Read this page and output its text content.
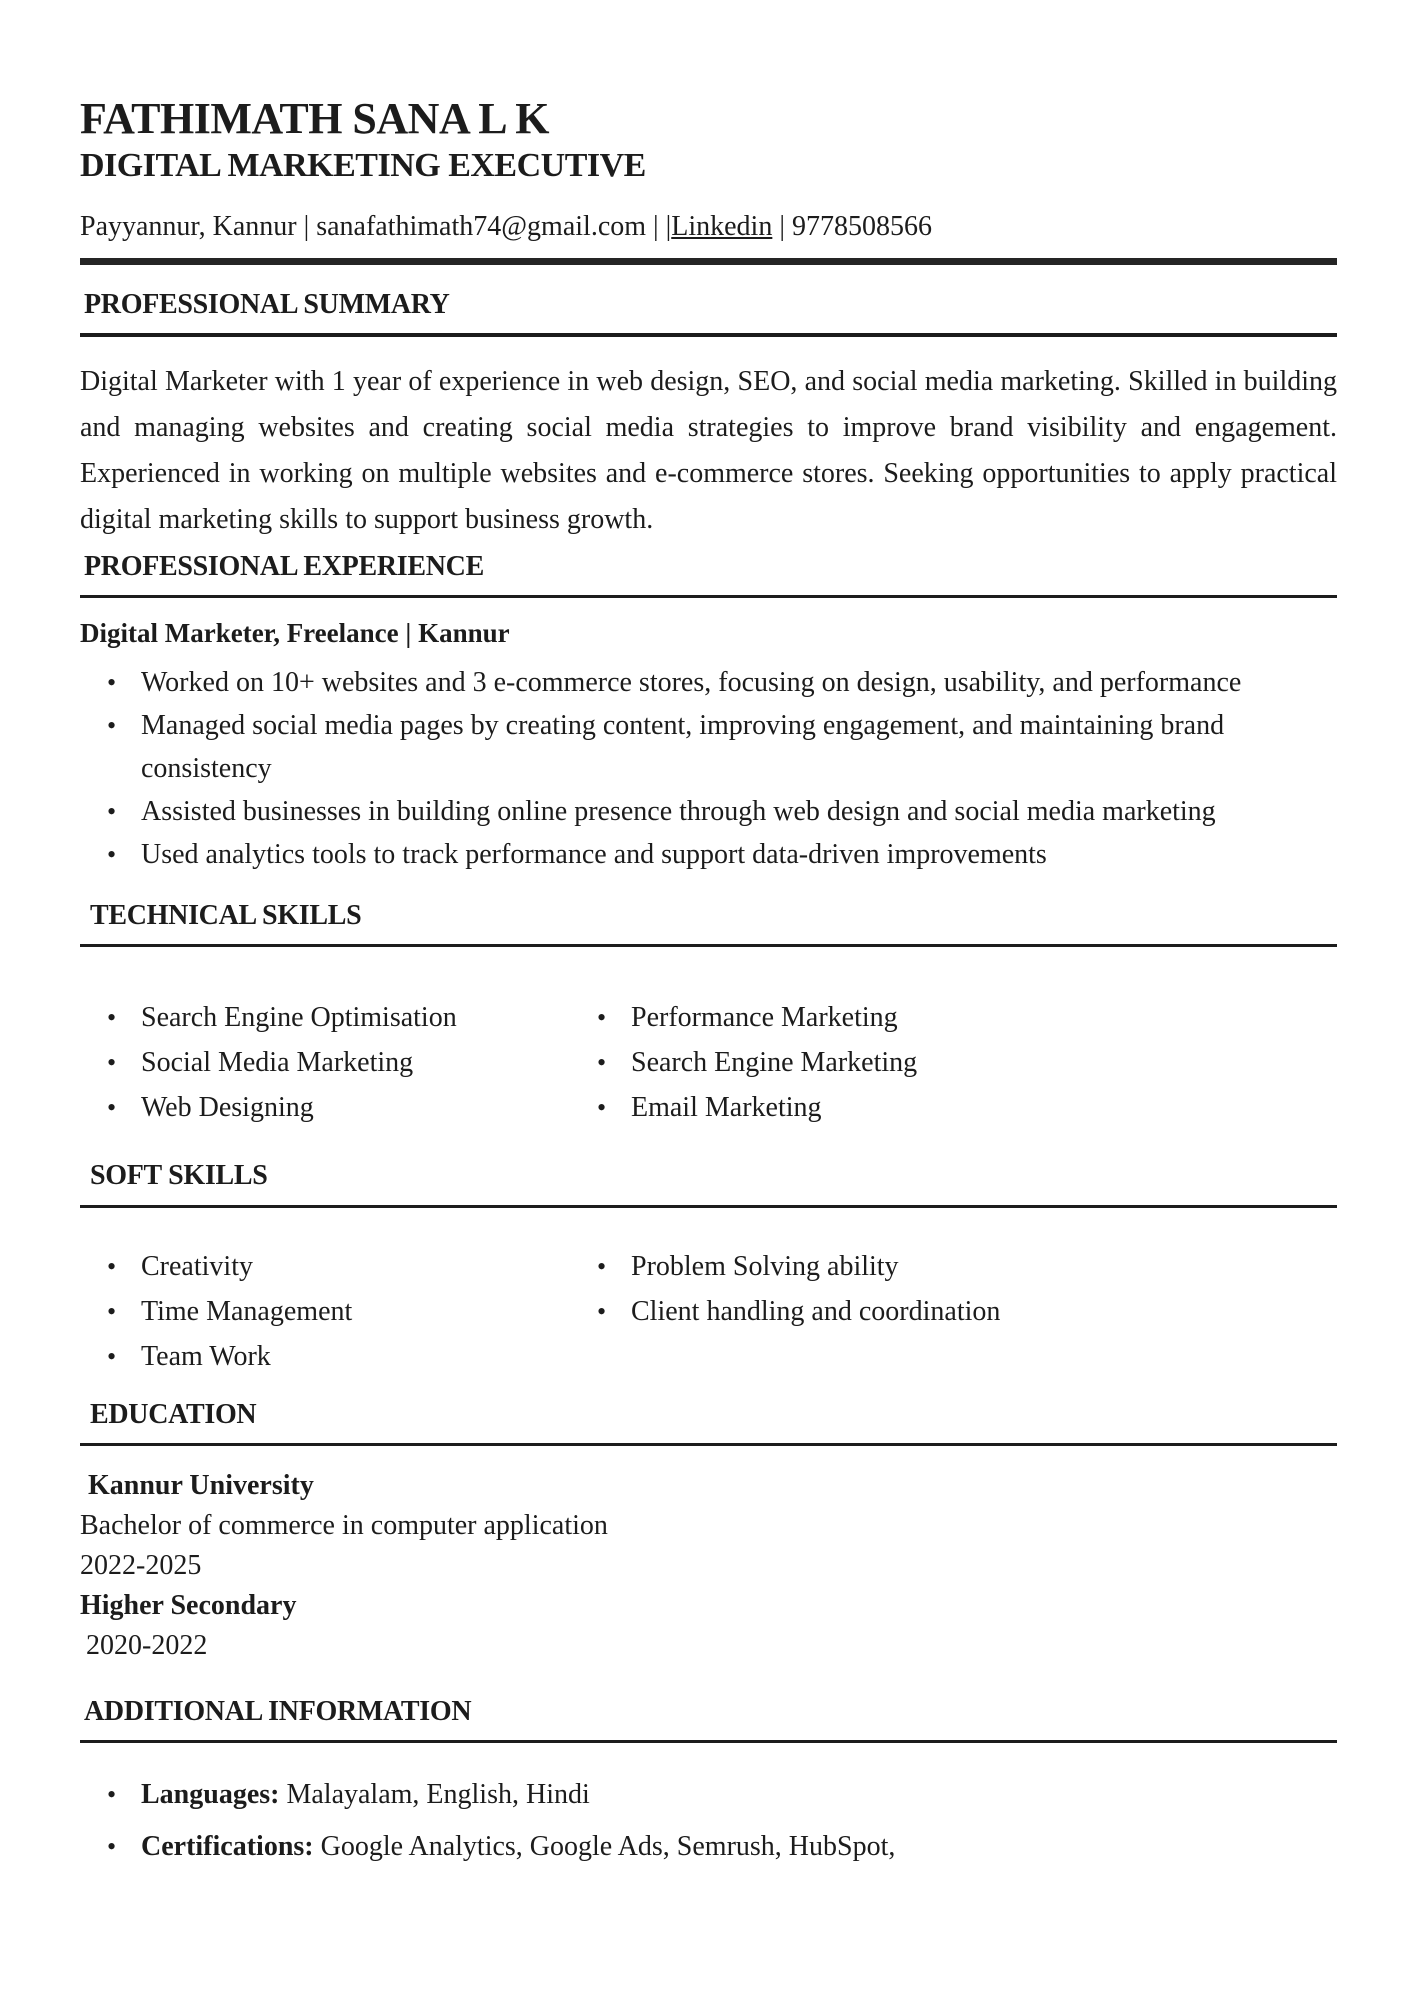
FATHIMATH SANA L K
DIGITAL MARKETING EXECUTIVE
Payyannur, Kannur | sanafathimath74@gmail.com | |Linkedin | 9778508566
PROFESSIONAL SUMMARY

Digital Marketer with 1 year of experience in web design, SEO, and social media marketing. Skilled in building and managing websites and creating social media strategies to improve brand visibility and engagement. Experienced in working on multiple websites and e-commerce stores. Seeking opportunities to apply practical digital marketing skills to support business growth.

PROFESSIONAL EXPERIENCE
Digital Marketer, Freelance | Kannur
• Worked on 10+ websites and 3 e-commerce stores, focusing on design, usability, and performance
• Managed social media pages by creating content, improving engagement, and maintaining brand consistency
• Assisted businesses in building online presence through web design and social media marketing
• Used analytics tools to track performance and support data-driven improvements
TECHNICAL SKILLS
• Search Engine Optimisation
• Social Media Marketing
• Web Designing
• Performance Marketing
• Search Engine Marketing
• Email Marketing
SOFT SKILLS
• Creativity
• Time Management
• Team Work
• Problem Solving ability
• Client handling and coordination
EDUCATION
Kannur University
Bachelor of commerce in computer application
2022-2025
Higher Secondary
2020-2022
ADDITIONAL INFORMATION
• Languages: Malayalam, English, Hindi
• Certifications: Google Analytics, Google Ads, Semrush, HubSpot,
